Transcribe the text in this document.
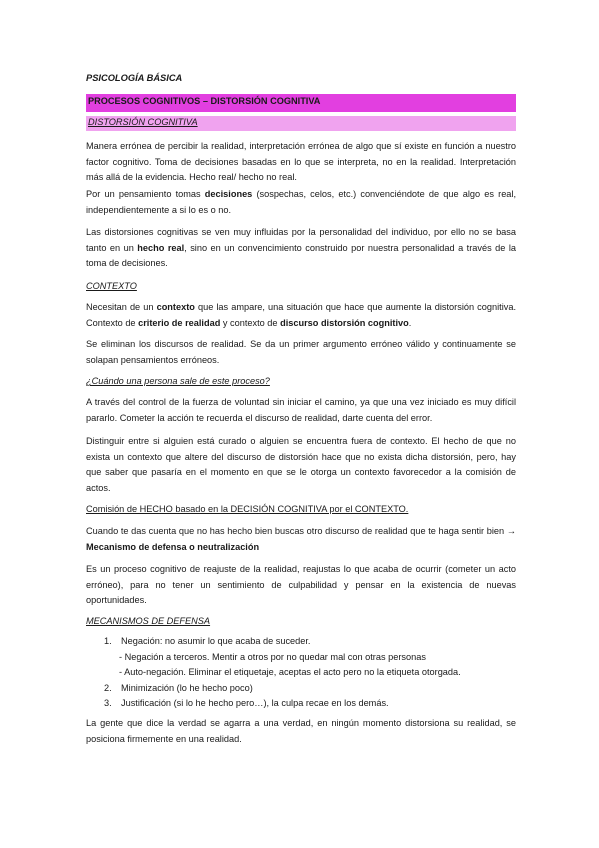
PSICOLOGÍA BÁSICA
PROCESOS COGNITIVOS – DISTORSIÓN COGNITIVA
DISTORSIÓN COGNITIVA

Manera errónea de percibir la realidad, interpretación errónea de algo que sí existe en función a nuestro factor cognitivo. Toma de decisiones basadas en lo que se interpreta, no en la realidad. Interpretación más allá de la evidencia. Hecho real/ hecho no real.

Por un pensamiento tomas decisiones (sospechas, celos, etc.) convenciéndote de que algo es real, independientemente a si lo es o no.

Las distorsiones cognitivas se ven muy influidas por la personalidad del individuo, por ello no se basa tanto en un hecho real, sino en un convencimiento construido por nuestra personalidad a través de la toma de decisiones.

CONTEXTO

Necesitan de un contexto que las ampare, una situación que hace que aumente la distorsión cognitiva. Contexto de criterio de realidad y contexto de discurso distorsión cognitivo.

Se eliminan los discursos de realidad. Se da un primer argumento erróneo válido y continuamente se solapan pensamientos erróneos.

¿Cuándo una persona sale de este proceso?

A través del control de la fuerza de voluntad sin iniciar el camino, ya que una vez iniciado es muy difícil pararlo. Cometer la acción te recuerda el discurso de realidad, darte cuenta del error.

Distinguir entre si alguien está curado o alguien se encuentra fuera de contexto. El hecho de que no exista un contexto que altere del discurso de distorsión hace que no exista dicha distorsión, pero, hay que saber que pasaría en el momento en que se le otorga un contexto favorecedor a la comisión de actos.

Comisión de HECHO basado en la DECISIÓN COGNITIVA por el CONTEXTO.

Cuando te das cuenta que no has hecho bien buscas otro discurso de realidad que te haga sentir bien → Mecanismo de defensa o neutralización

Es un proceso cognitivo de reajuste de la realidad, reajustas lo que acaba de ocurrir (cometer un acto erróneo), para no tener un sentimiento de culpabilidad y pensar en la existencia de nuevas oportunidades.

MECANISMOS DE DEFENSA

1. Negación: no asumir lo que acaba de suceder.
- Negación a terceros. Mentir a otros por no quedar mal con otras personas
- Auto-negación. Eliminar el etiquetaje, aceptas el acto pero no la etiqueta otorgada.
2. Minimización (lo he hecho poco)
3. Justificación (si lo he hecho pero…), la culpa recae en los demás.

La gente que dice la verdad se agarra a una verdad, en ningún momento distorsiona su realidad, se posiciona firmemente en una realidad.
